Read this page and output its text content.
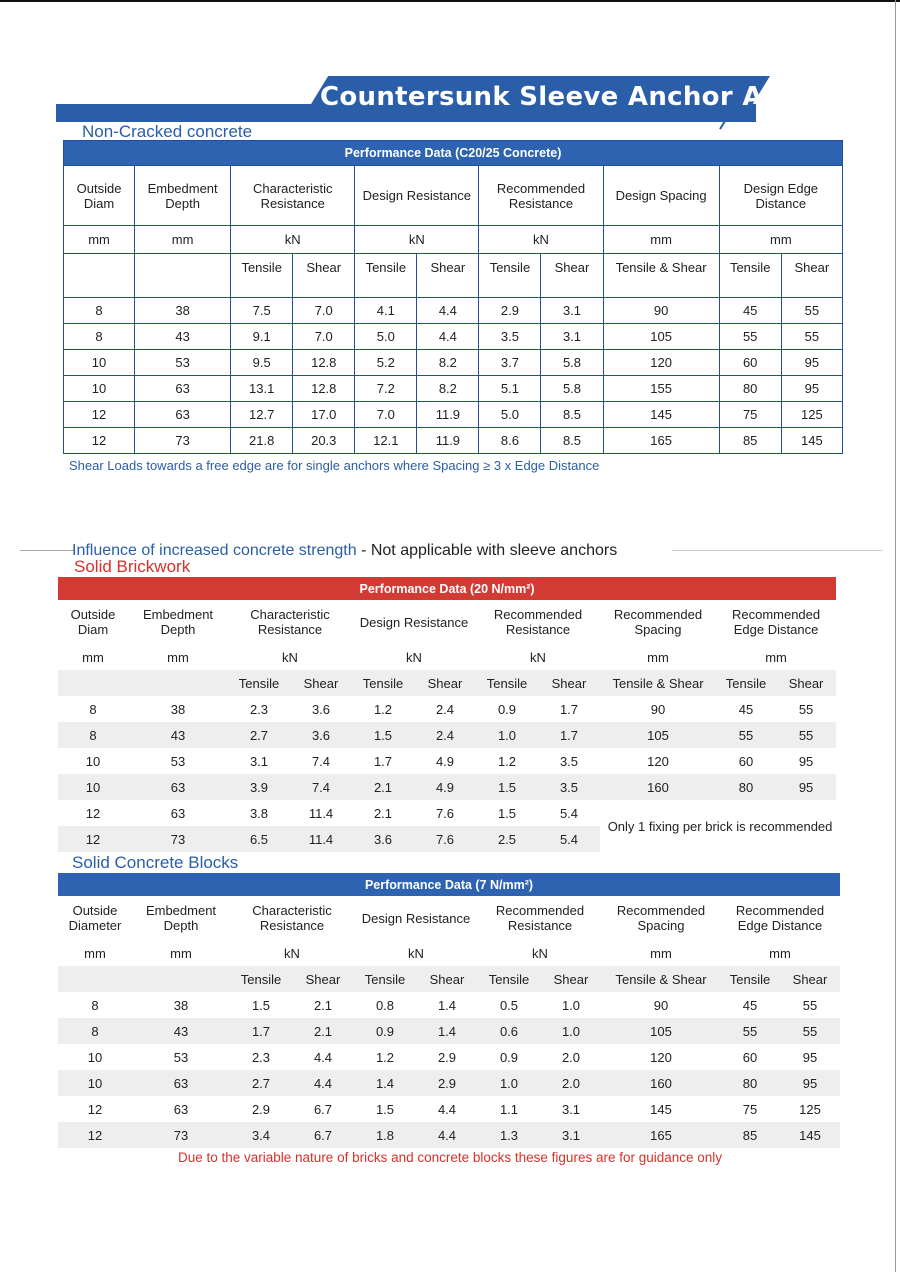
Countersunk Sleeve Anchor A2
Non-Cracked concrete
Performance Data (C20/25 Concrete)										
Outside Diam	Embedment Depth	Characteristic Resistance		Design Resistance		Recommended Resistance		Design Spacing	Design Edge Distance	
mm	mm	kN		kN		kN		mm	mm	
		Tensile	Shear	Tensile	Shear	Tensile	Shear	Tensile & Shear	Tensile	Shear
8	38	7.5	7.0	4.1	4.4	2.9	3.1	90	45	55
8	43	9.1	7.0	5.0	4.4	3.5	3.1	105	55	55
10	53	9.5	12.8	5.2	8.2	3.7	5.8	120	60	95
10	63	13.1	12.8	7.2	8.2	5.1	5.8	155	80	95
12	63	12.7	17.0	7.0	11.9	5.0	8.5	145	75	125
12	73	21.8	20.3	12.1	11.9	8.6	8.5	165	85	145
Shear Loads towards a free edge are for single anchors where Spacing ≥ 3 x Edge Distance
Influence of increased concrete strength - Not applicable with sleeve anchors
Solid Brickwork
Performance Data (20 N/mm²)										
Outside Diam	Embedment Depth	Characteristic Resistance		Design Resistance		Recommended Resistance		Recommended Spacing	Recommended Edge Distance	
mm	mm	kN		kN		kN		mm	mm	
		Tensile	Shear	Tensile	Shear	Tensile	Shear	Tensile & Shear	Tensile	Shear
8	38	2.3	3.6	1.2	2.4	0.9	1.7	90	45	55
8	43	2.7	3.6	1.5	2.4	1.0	1.7	105	55	55
10	53	3.1	7.4	1.7	4.9	1.2	3.5	120	60	95
10	63	3.9	7.4	2.1	4.9	1.5	3.5	160	80	95
12	63	3.8	11.4	2.1	7.6	1.5	5.4	Only 1 fixing per brick is recommended		
12	73	6.5	11.4	3.6	7.6	2.5	5.4			
Solid Concrete Blocks
Performance Data (7 N/mm²)										
Outside Diameter	Embedment Depth	Characteristic Resistance		Design Resistance		Recommended Resistance		Recommended Spacing	Recommended Edge Distance	
mm	mm	kN		kN		kN		mm	mm	
		Tensile	Shear	Tensile	Shear	Tensile	Shear	Tensile & Shear	Tensile	Shear
8	38	1.5	2.1	0.8	1.4	0.5	1.0	90	45	55
8	43	1.7	2.1	0.9	1.4	0.6	1.0	105	55	55
10	53	2.3	4.4	1.2	2.9	0.9	2.0	120	60	95
10	63	2.7	4.4	1.4	2.9	1.0	2.0	160	80	95
12	63	2.9	6.7	1.5	4.4	1.1	3.1	145	75	125
12	73	3.4	6.7	1.8	4.4	1.3	3.1	165	85	145
Due to the variable nature of bricks and concrete blocks these figures are for guidance only
